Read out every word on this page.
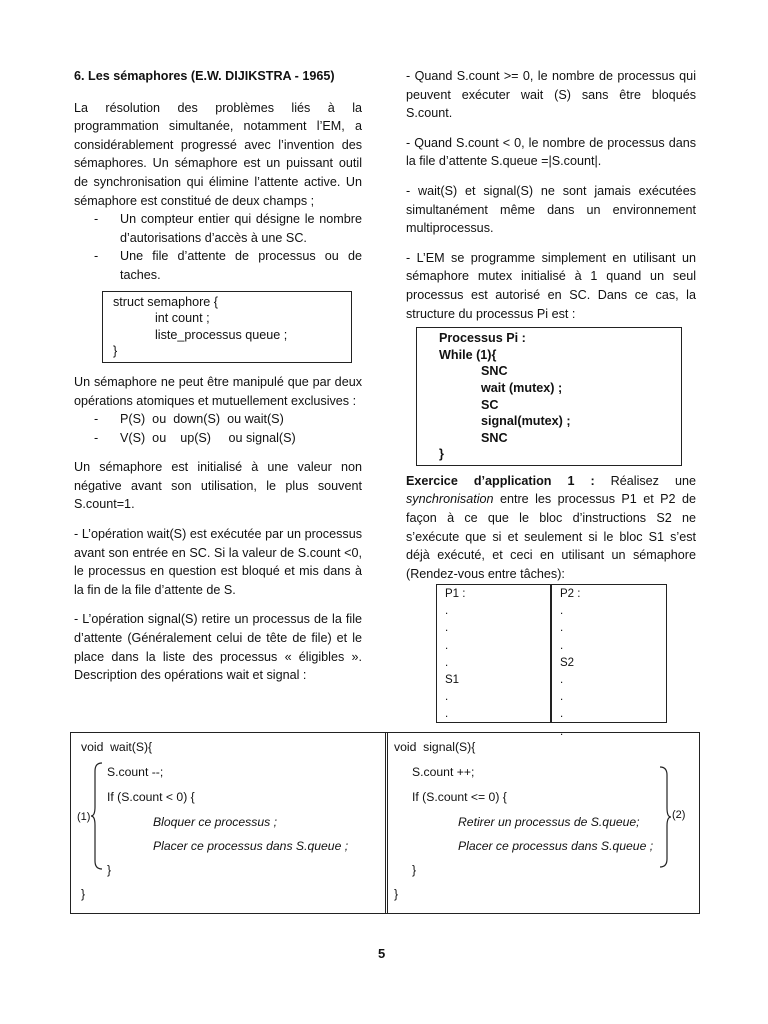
6. Les sémaphores (E.W. DIJIKSTRA - 1965)

La résolution des problèmes liés à la programmation simultanée, notamment l’EM, a considérablement progressé avec l’invention des sémaphores. Un sémaphore est un puissant outil de synchronisation qui élimine l’attente active. Un sémaphore est constitué de deux champs ;

- Un compteur entier qui désigne le nombre d’autorisations d’accès à une SC.
- Une file d’attente de processus ou de taches.
struct semaphore {
int count ;
liste_processus queue ;
}

Un sémaphore ne peut être manipulé que par deux opérations atomiques et mutuellement exclusives :

- P(S)  ou  down(S)  ou wait(S)
- V(S)  ou    up(S)     ou signal(S)

Un sémaphore est initialisé à une valeur non négative avant son utilisation, le plus souvent S.count=1.

- L’opération wait(S) est exécutée par un processus avant son entrée en SC. Si la valeur de S.count <0, le processus en question est bloqué et mis dans à la fin de la file d’attente de S.

- L’opération signal(S) retire un processus de la file d’attente (Généralement celui de tête de file) et le place dans la liste des processus « éligibles ». Description des opérations wait et signal :

- Quand S.count >= 0, le nombre de processus qui peuvent exécuter wait (S) sans être bloqués S.count.

- Quand S.count < 0, le nombre de processus dans la file d’attente S.queue =|S.count|.

- wait(S) et signal(S) ne sont jamais exécutées simultanément même dans un environnement multiprocessus.

- L’EM se programme simplement en utilisant un sémaphore mutex initialisé à 1 quand un seul processus est autorisé en SC. Dans ce cas, la structure du processus Pi est :

Processus Pi :
While (1){
SNC
wait (mutex) ;
SC
signal(mutex) ;
SNC
}

Exercice d’application 1 : Réalisez une synchronisation entre les processus P1 et P2 de façon à ce que le bloc d’instructions S2 ne s’exécute que si et seulement si le bloc S1 s’est déjà exécuté, et ceci en utilisant un sémaphore (Rendez-vous entre tâches):

P1 :
.
.
.
.
S1
.
.
P2 :
.
.
.
S2
.
.
.
.
void  wait(S){
S.count --;
If (S.count < 0) {
Bloquer ce processus ;
Placer ce processus dans S.queue ;
}
}
(1)
void  signal(S){
S.count ++;
If (S.count <= 0) {
Retirer un processus de S.queue;
Placer ce processus dans S.queue ;
}
}
(2)
5
